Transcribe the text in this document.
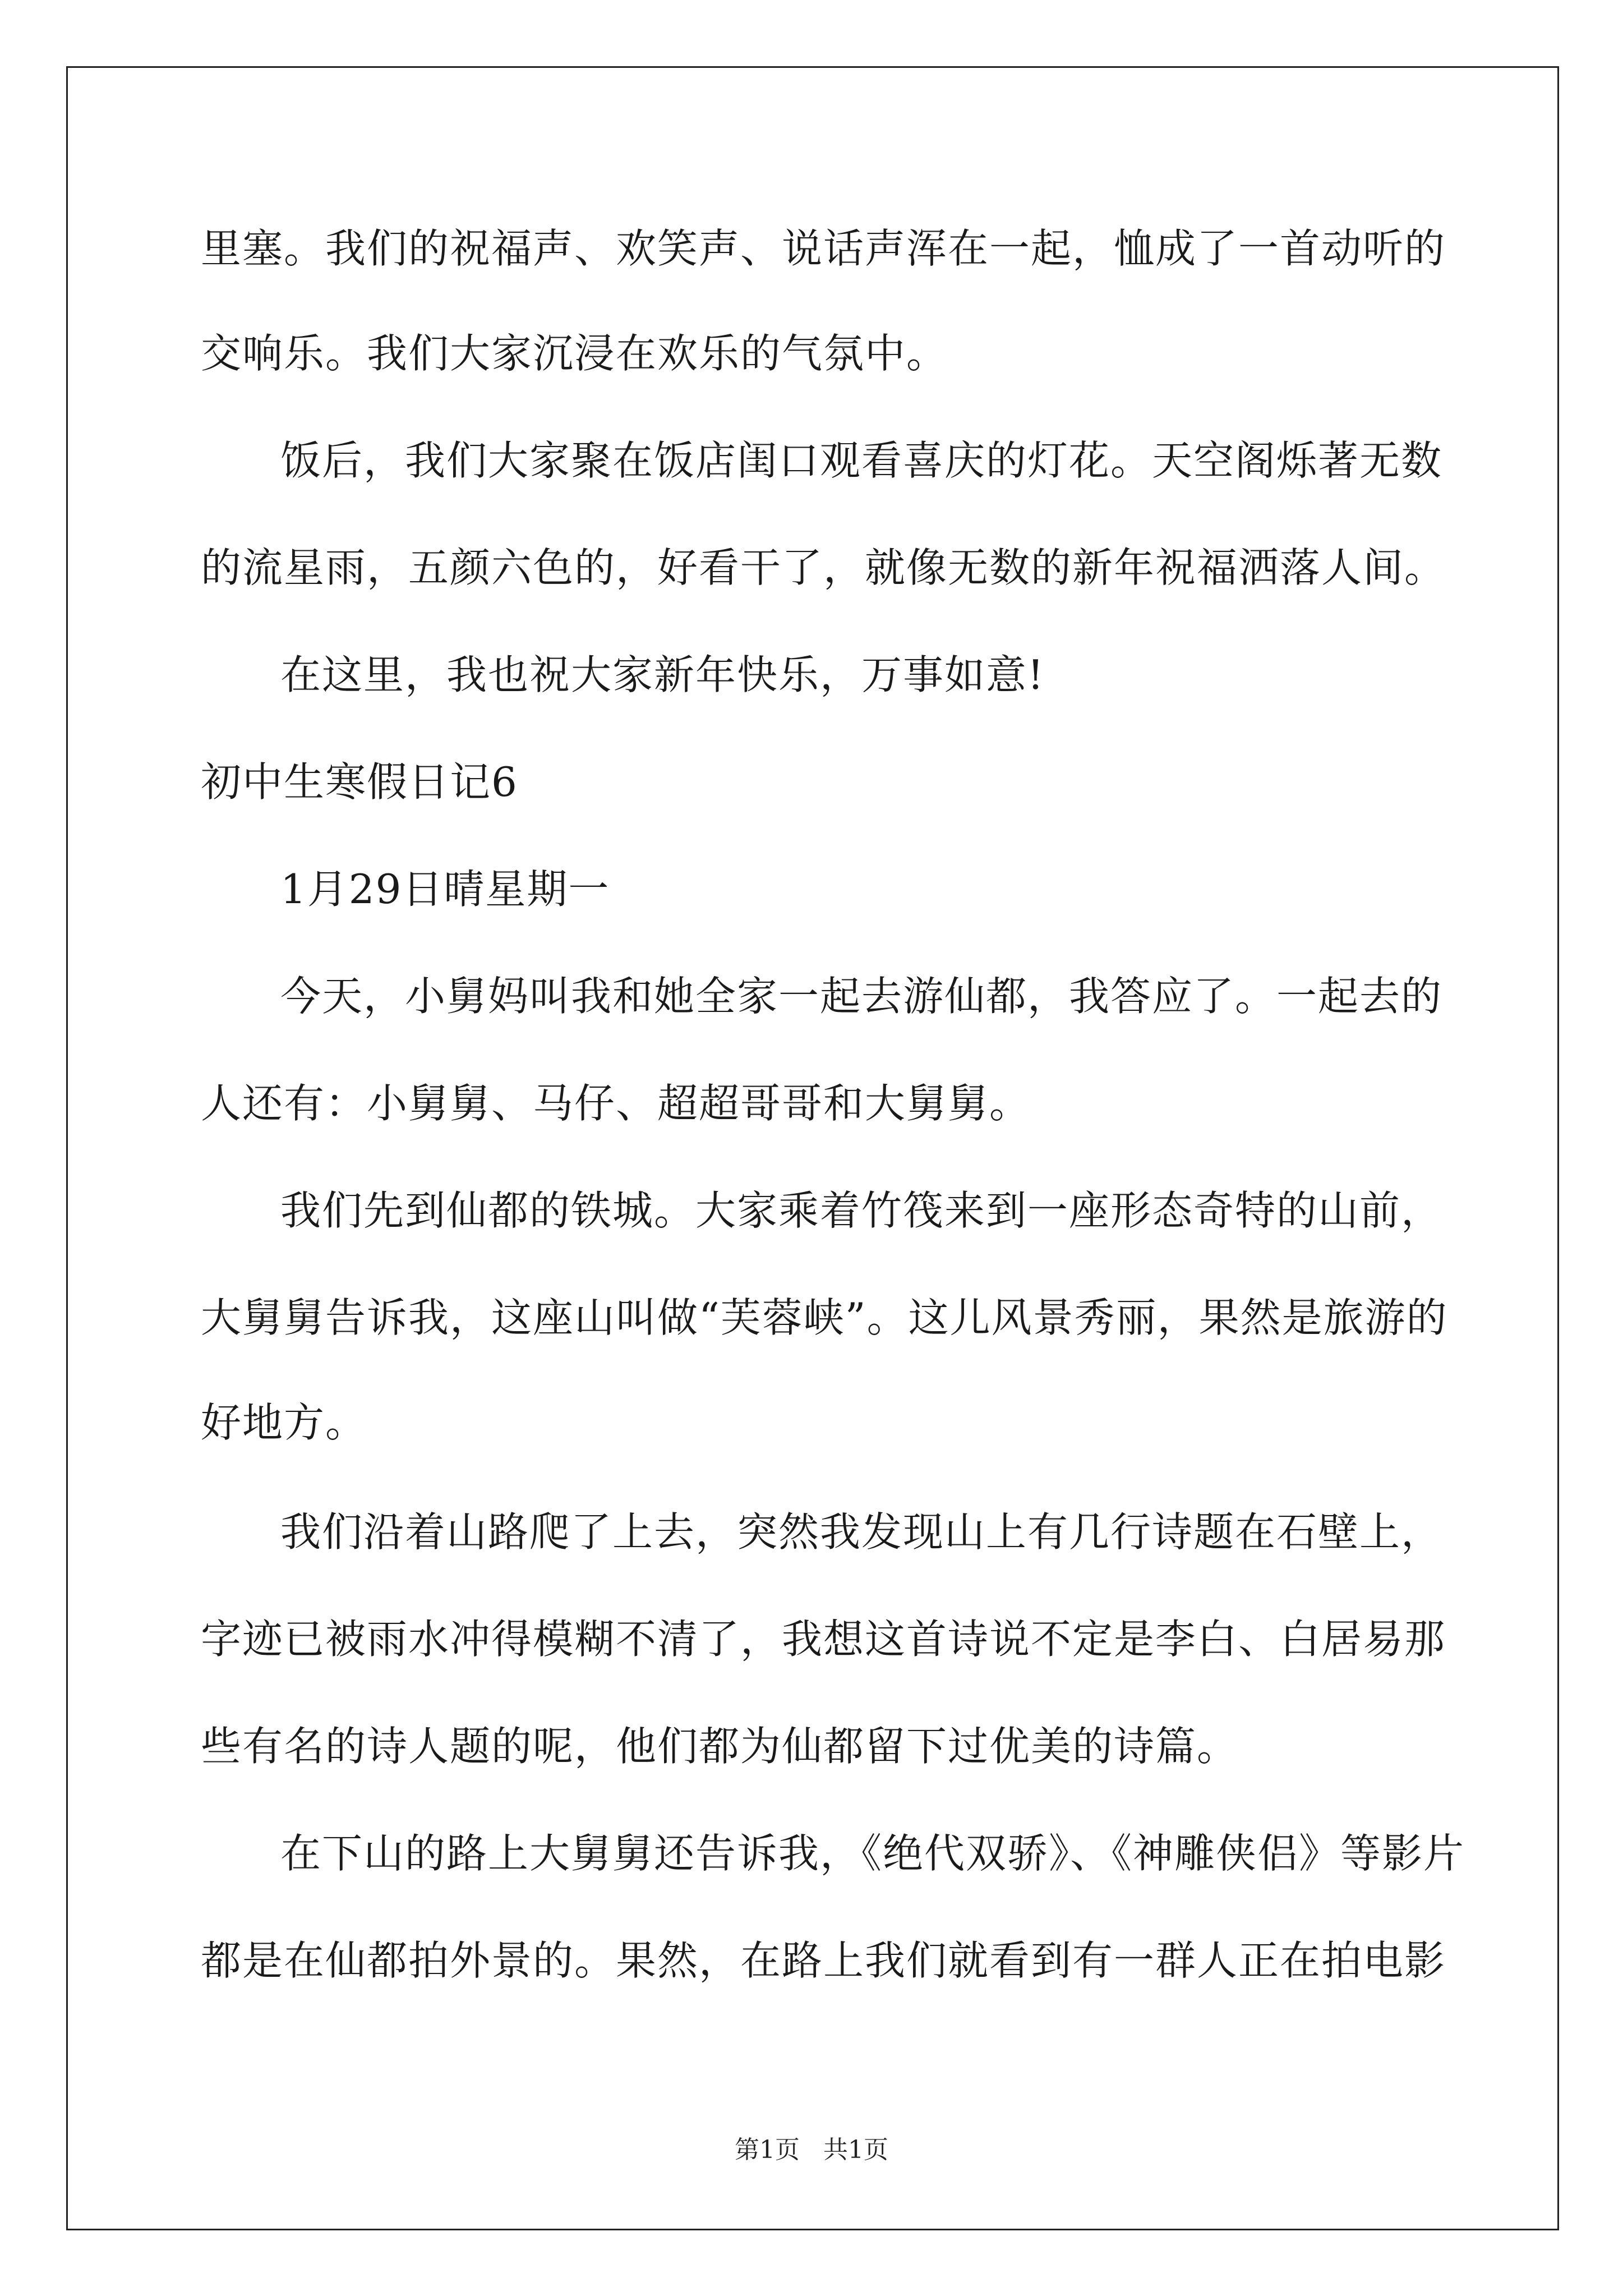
里塞。我们的祝福声、欢笑声、说话声浑在一起，恤成了一首动听的
交响乐。我们大家沉浸在欢乐的气氛中。
饭后，我们大家聚在饭店闺口观看喜庆的灯花。天空阁烁著无数
的流星雨，五颜六色的，好看干了，就像无数的新年祝福洒落人间。
在这里，我也祝大家新年快乐，万事如意!
初中生寒假日记6
1月29日晴星期一
今天，小舅妈叫我和她全家一起去游仙都，我答应了。一起去的
人还有：小舅舅、马仔、超超哥哥和大舅舅。
我们先到仙都的铁城。大家乘着竹筏来到一座形态奇特的山前，
大舅舅告诉我，这座山叫做“芙蓉峡”。这儿风景秀丽，果然是旅游的
好地方。
我们沿着山路爬了上去，突然我发现山上有几行诗题在石壁上，
字迹已被雨水冲得模糊不清了，我想这首诗说不定是李白、白居易那
些有名的诗人题的呢，他们都为仙都留下过优美的诗篇。
在下山的路上大舅舅还告诉我，《绝代双骄》、《神雕侠侣》等影片
都是在仙都拍外景的。果然，在路上我们就看到有一群人正在拍电影
第1页 共1页
